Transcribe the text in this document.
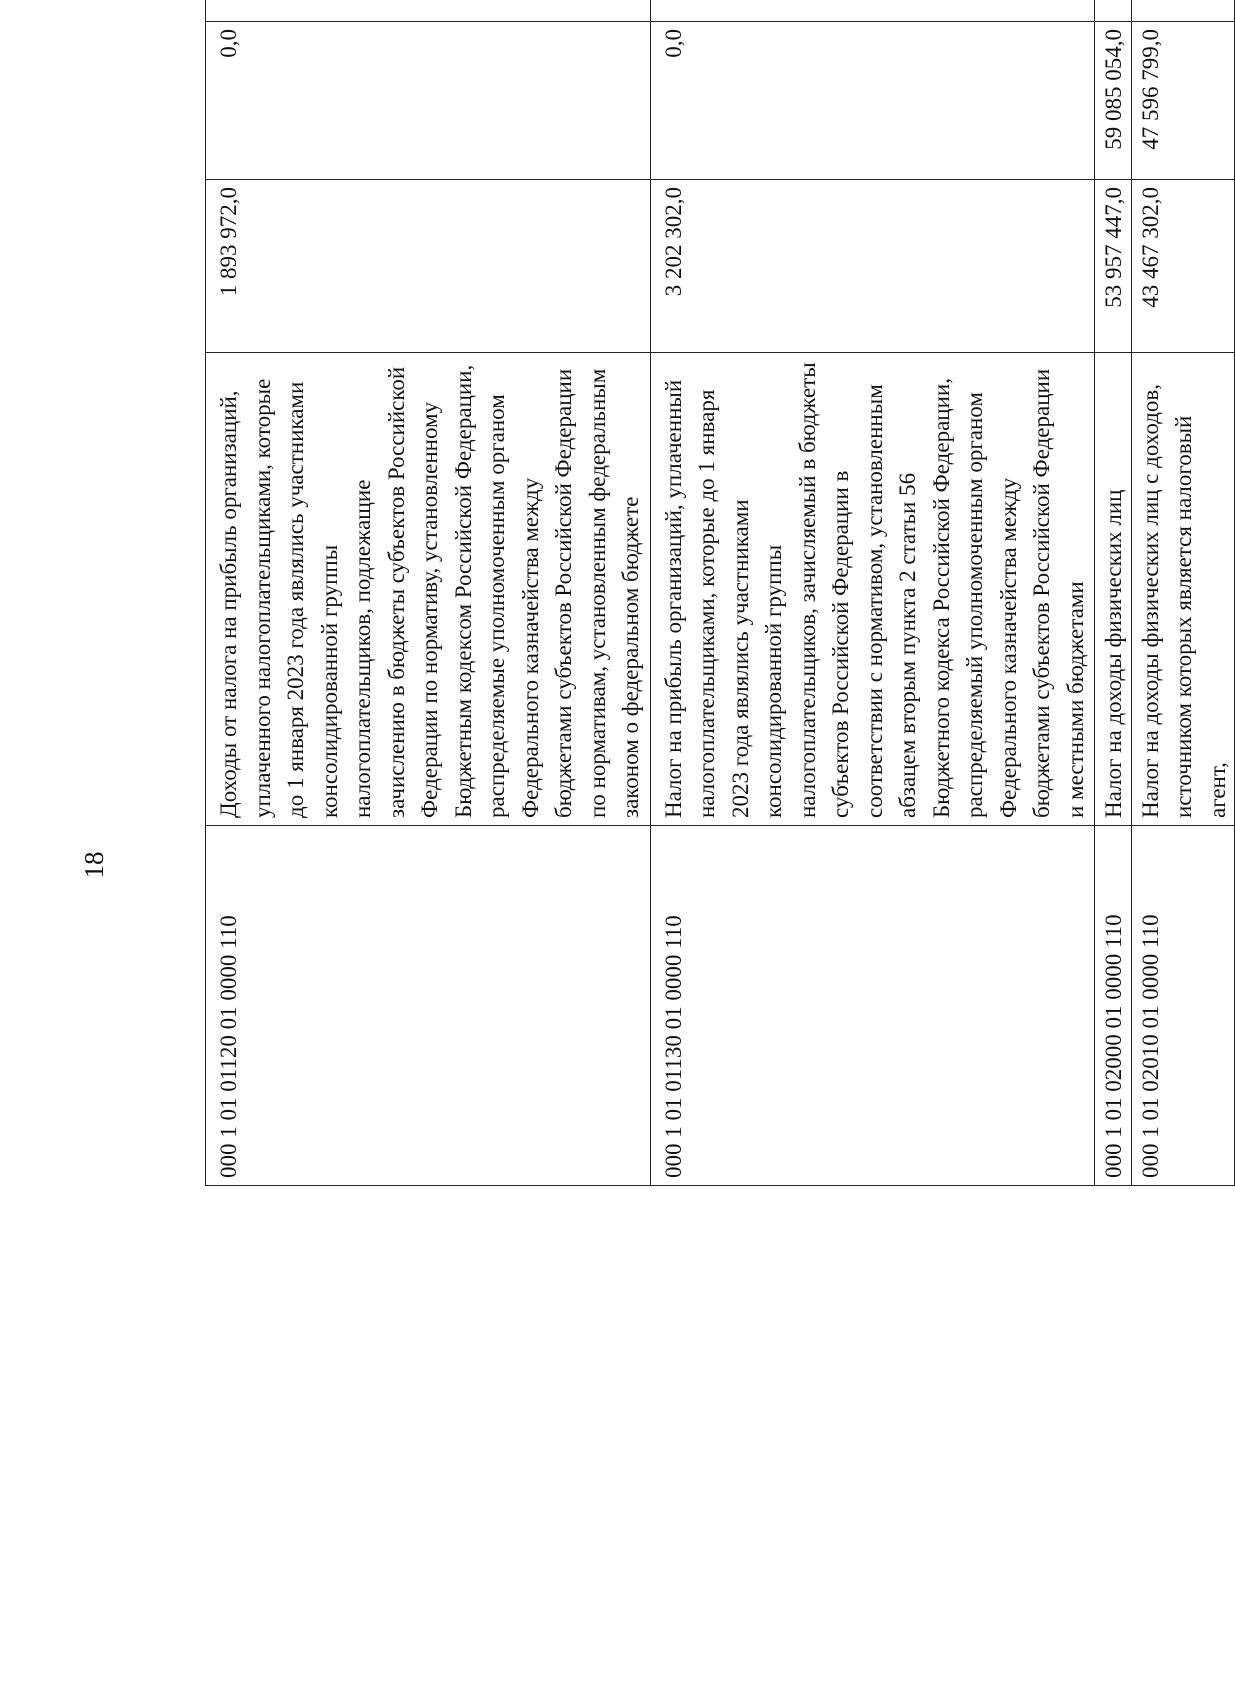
18
000 1 01 01120 01 0000 110	Доходы от налога на прибыль организаций, уплаченного налогоплательщиками, которые до 1 января 2023 года являлись участниками консолидированной группы налогоплательщиков, подлежащие зачислению в бюджеты субъектов Российской Федерации по нормативу, установленному Бюджетным кодексом Российской Федерации, распределяемые уполномоченным органом Федерального казначейства между бюджетами субъектов Российской Федерации по нормативам, установленным федеральным законом о федеральном бюджете	1 893 972,0	0,0	
000 1 01 01130 01 0000 110	Налог на прибыль организаций, уплаченный налогоплательщиками, которые до 1 января 2023 года являлись участниками консолидированной группы налогоплательщиков, зачисляемый в бюджеты субъектов Российской Федерации в соответствии с нормативом, установленным абзацем вторым пункта 2 статьи 56 Бюджетного кодекса Российской Федерации, распределяемый уполномоченным органом Федерального казначейства между бюджетами субъектов Российской Федерации и местными бюджетами	3 202 302,0	0,0	
000 1 01 02000 01 0000 110	Налог на доходы физических лиц	53 957 447,0	59 085 054,0	
000 1 01 02010 01 0000 110	Налог на доходы физических лиц с доходов, источником которых является налоговый агент,	43 467 302,0	47 596 799,0	
